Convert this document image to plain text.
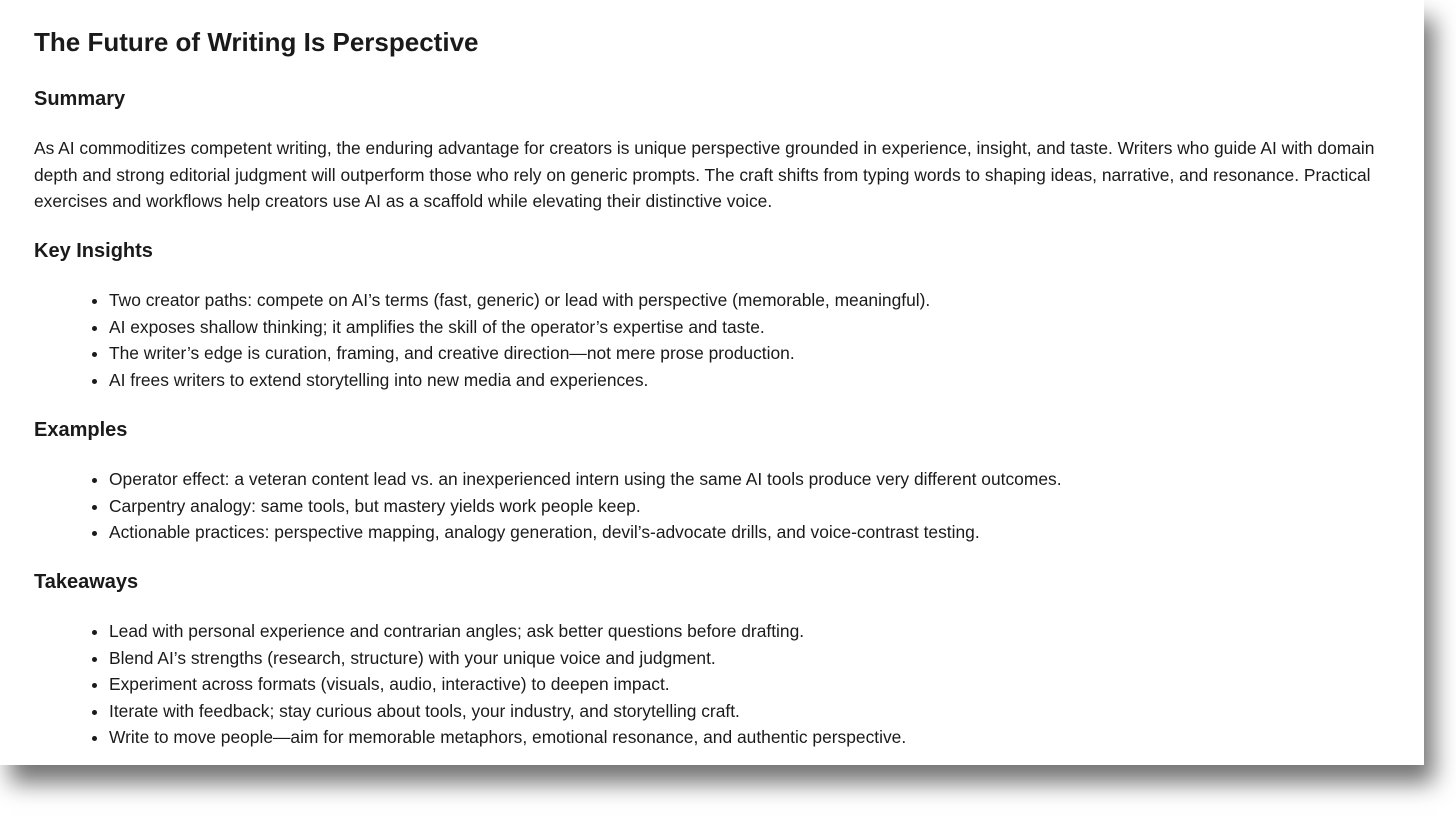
The Future of Writing Is Perspective
Summary

As AI commoditizes competent writing, the enduring advantage for creators is unique perspective grounded in experience, insight, and taste. Writers who guide AI with domain depth and strong editorial judgment will outperform those who rely on generic prompts. The craft shifts from typing words to shaping ideas, narrative, and resonance. Practical exercises and workflows help creators use AI as a scaffold while elevating their distinctive voice.

Key Insights
• Two creator paths: compete on AI’s terms (fast, generic) or lead with perspective (memorable, meaningful).
• AI exposes shallow thinking; it amplifies the skill of the operator’s expertise and taste.
• The writer’s edge is curation, framing, and creative direction—not mere prose production.
• AI frees writers to extend storytelling into new media and experiences.
Examples
• Operator effect: a veteran content lead vs. an inexperienced intern using the same AI tools produce very different outcomes.
• Carpentry analogy: same tools, but mastery yields work people keep.
• Actionable practices: perspective mapping, analogy generation, devil’s-advocate drills, and voice-contrast testing.
Takeaways
• Lead with personal experience and contrarian angles; ask better questions before drafting.
• Blend AI’s strengths (research, structure) with your unique voice and judgment.
• Experiment across formats (visuals, audio, interactive) to deepen impact.
• Iterate with feedback; stay curious about tools, your industry, and storytelling craft.
• Write to move people—aim for memorable metaphors, emotional resonance, and authentic perspective.
